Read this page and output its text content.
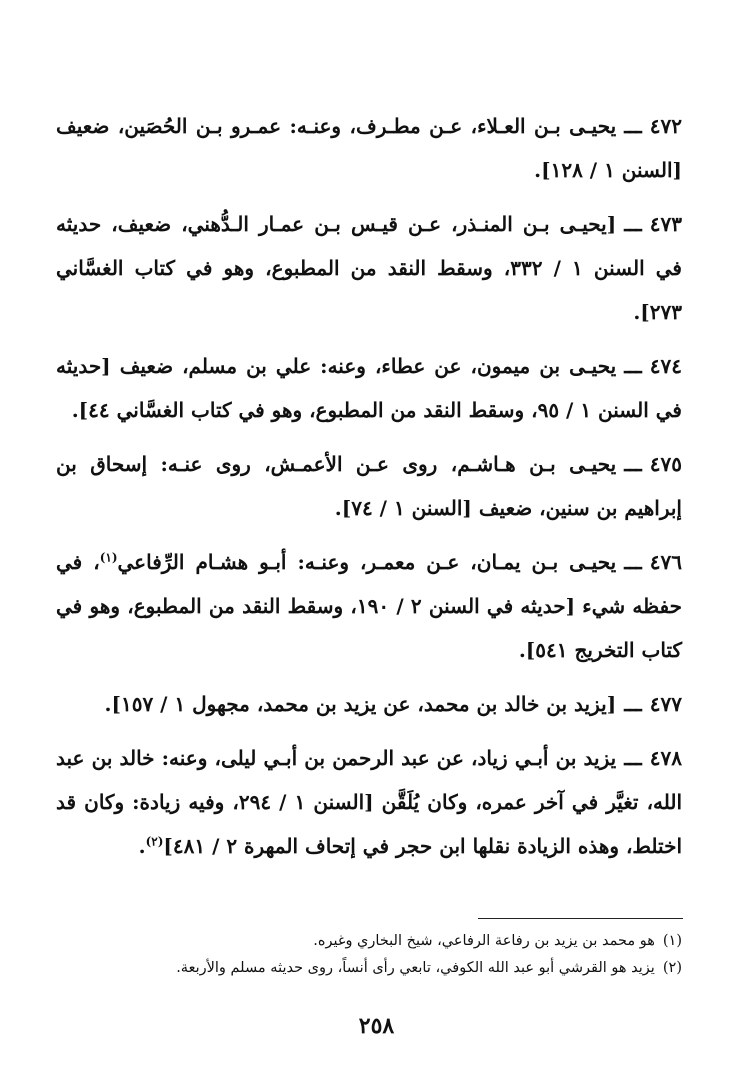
٤٧٢ـــيحيـى بـن العـلاء، عـن مطـرف، وعنـه: عمـرو بـن الحُصَين، ضعيف [السنن ١ / ١٢٨].

٤٧٣ـــ[يحيـى بـن المنـذر، عـن قيـس بـن عمـار الـدُّهني، ضعيف، حديثه في السنن ١ / ٣٣٢، وسقط النقد من المطبوع، وهو في كتاب الغسَّاني ٢٧٣].

٤٧٤ـــيحيـى بن ميمون، عن عطاء، وعنه: علي بن مسلم، ضعيف [حديثه في السنن ١ / ٩٥، وسقط النقد من المطبوع، وهو في كتاب الغسَّاني ٤٤].

٤٧٥ـــيحيـى بـن هـاشـم، روى عـن الأعمـش، روى عنـه: إسحاق بن إبراهيم بن سنين، ضعيف [السنن ١ / ٧٤].

٤٧٦ـــيحيـى بـن يمـان، عـن معمـر، وعنـه: أبـو هشـام الرِّفاعي$^{(١)}$، في حفظه شيء [حديثه في السنن ٢ / ١٩٠، وسقط النقد من المطبوع، وهو في كتاب التخريج ٥٤١].

٤٧٧ـــ[يزيد بن خالد بن محمد، عن يزيد بن محمد، مجهول ١ / ١٥٧].

٤٧٨ـــيزيد بن أبـي زياد، عن عبد الرحمن بن أبـي ليلى، وعنه: خالد بن عبد الله، تغيَّر في آخر عمره، وكان يُلَقَّن [السنن ١ / ٢٩٤، وفيه زيادة: وكان قد اختلط، وهذه الزيادة نقلها ابن حجر في إتحاف المهرة ٢ / ٤٨١]$^{(٢)}$.

(١)هو محمد بن يزيد بن رفاعة الرفاعي، شيخ البخاري وغيره.
(٢)يزيد هو القرشي أبو عبد الله الكوفي، تابعي رأى أنساً، روى حديثه مسلم والأربعة.
٢٥٨
